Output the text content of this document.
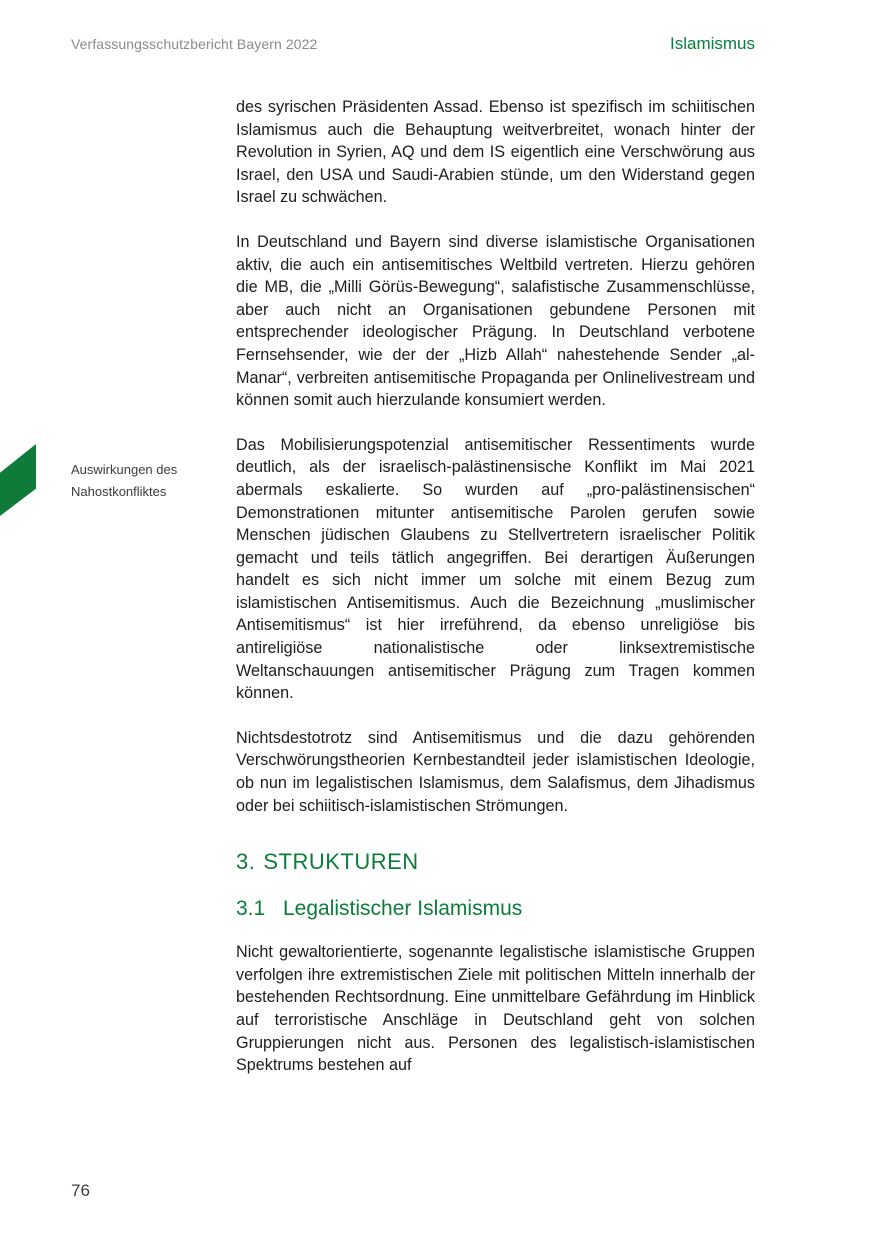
Verfassungsschutzbericht Bayern 2022	Islamismus
Auswirkungen des
Nahostkonfliktes

des syrischen Präsidenten Assad. Ebenso ist spezifisch im schiitischen Islamismus auch die Behauptung weitverbreitet, wonach hinter der Revolution in Syrien, AQ und dem IS eigentlich eine Verschwörung aus Israel, den USA und Saudi-Arabien stünde, um den Widerstand gegen Israel zu schwächen.

In Deutschland und Bayern sind diverse islamistische Organisationen aktiv, die auch ein antisemitisches Weltbild vertreten. Hierzu gehören die MB, die „Milli Görüs-Bewegung“, salafistische Zusammenschlüsse, aber auch nicht an Organisationen gebundene Personen mit entsprechender ideologischer Prägung. In Deutschland verbotene Fernsehsender, wie der der „Hizb Allah“ nahestehende Sender „al-Manar“, verbreiten antisemitische Propaganda per Onlinelivestream und können somit auch hierzulande konsumiert werden.

Das Mobilisierungspotenzial antisemitischer Ressentiments wurde deutlich, als der israelisch-palästinensische Konflikt im Mai 2021 abermals eskalierte. So wurden auf „pro-palästinensischen“ Demonstrationen mitunter antisemitische Parolen gerufen sowie Menschen jüdischen Glaubens zu Stellvertretern israelischer Politik gemacht und teils tätlich angegriffen. Bei derartigen Äußerungen handelt es sich nicht immer um solche mit einem Bezug zum islamistischen Antisemitismus. Auch die Bezeichnung „muslimischer Antisemitismus“ ist hier irreführend, da ebenso unreligiöse bis antireligiöse nationalistische oder linksextremistische Weltanschauungen antisemitischer Prägung zum Tragen kommen können.

Nichtsdestotrotz sind Antisemitismus und die dazu gehörenden Verschwörungstheorien Kernbestandteil jeder islamistischen Ideologie, ob nun im legalistischen Islamismus, dem Salafismus, dem Jihadismus oder bei schiitisch-islamistischen Strömungen.

3. STRUKTUREN
3.1 Legalistischer Islamismus

Nicht gewaltorientierte, sogenannte legalistische islamistische Gruppen verfolgen ihre extremistischen Ziele mit politischen Mitteln innerhalb der bestehenden Rechtsordnung. Eine unmittelbare Gefährdung im Hinblick auf terroristische Anschläge in Deutschland geht von solchen Gruppierungen nicht aus. Personen des legalistisch-islamistischen Spektrums bestehen auf

76
